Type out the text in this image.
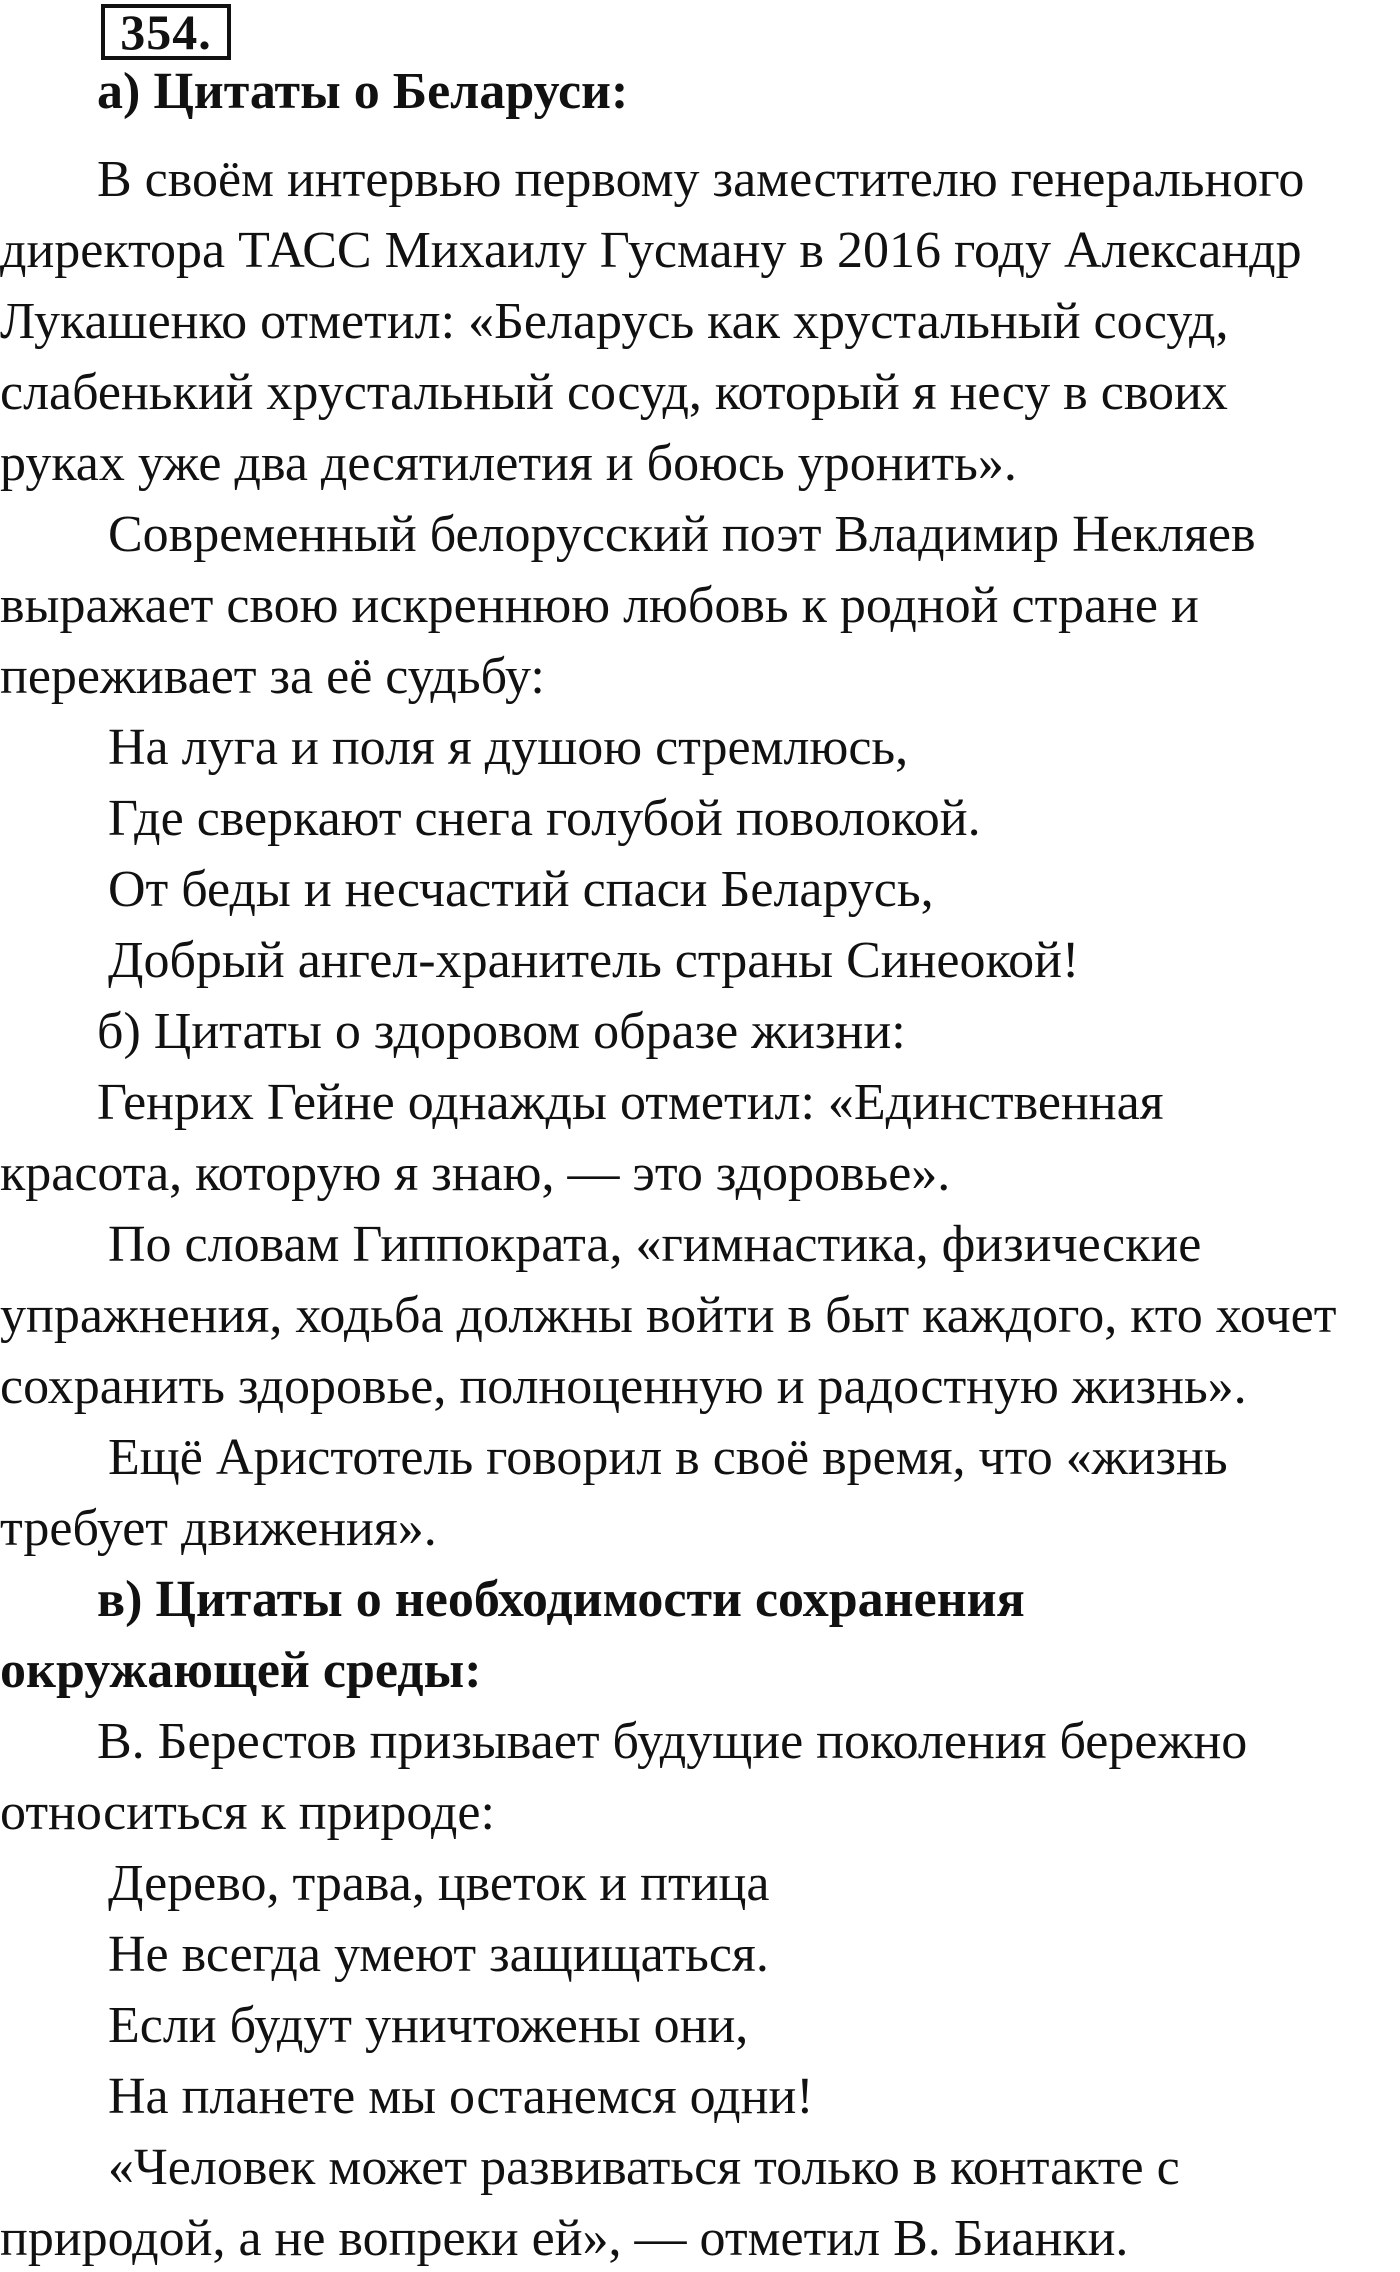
354.

а) Цитаты о Беларуси:

В своём интервью первому заместителю генерального

директора ТАСС Михаилу Гусману в 2016 году Александр

Лукашенко отметил: «Беларусь как хрустальный сосуд,

слабенький хрустальный сосуд, который я несу в своих

руках уже два десятилетия и боюсь уронить».

Современный белорусский поэт Владимир Некляев

выражает свою искреннюю любовь к родной стране и

переживает за её судьбу:

На луга и поля я душою стремлюсь,

Где сверкают снега голубой поволокой.

От беды и несчастий спаси Беларусь,

Добрый ангел-хранитель страны Синеокой!

б) Цитаты о здоровом образе жизни:

Генрих Гейне однажды отметил: «Единственная

красота, которую я знаю, — это здоровье».

По словам Гиппократа, «гимнастика, физические

упражнения, ходьба должны войти в быт каждого, кто хочет

сохранить здоровье, полноценную и радостную жизнь».

Ещё Аристотель говорил в своё время, что «жизнь

требует движения».

в) Цитаты о необходимости сохранения

окружающей среды:

В. Берестов призывает будущие поколения бережно

относиться к природе:

Дерево, трава, цветок и птица

Не всегда умеют защищаться.

Если будут уничтожены они,

На планете мы останемся одни!

«Человек может развиваться только в контакте с

природой, а не вопреки ей», — отметил В. Бианки.
